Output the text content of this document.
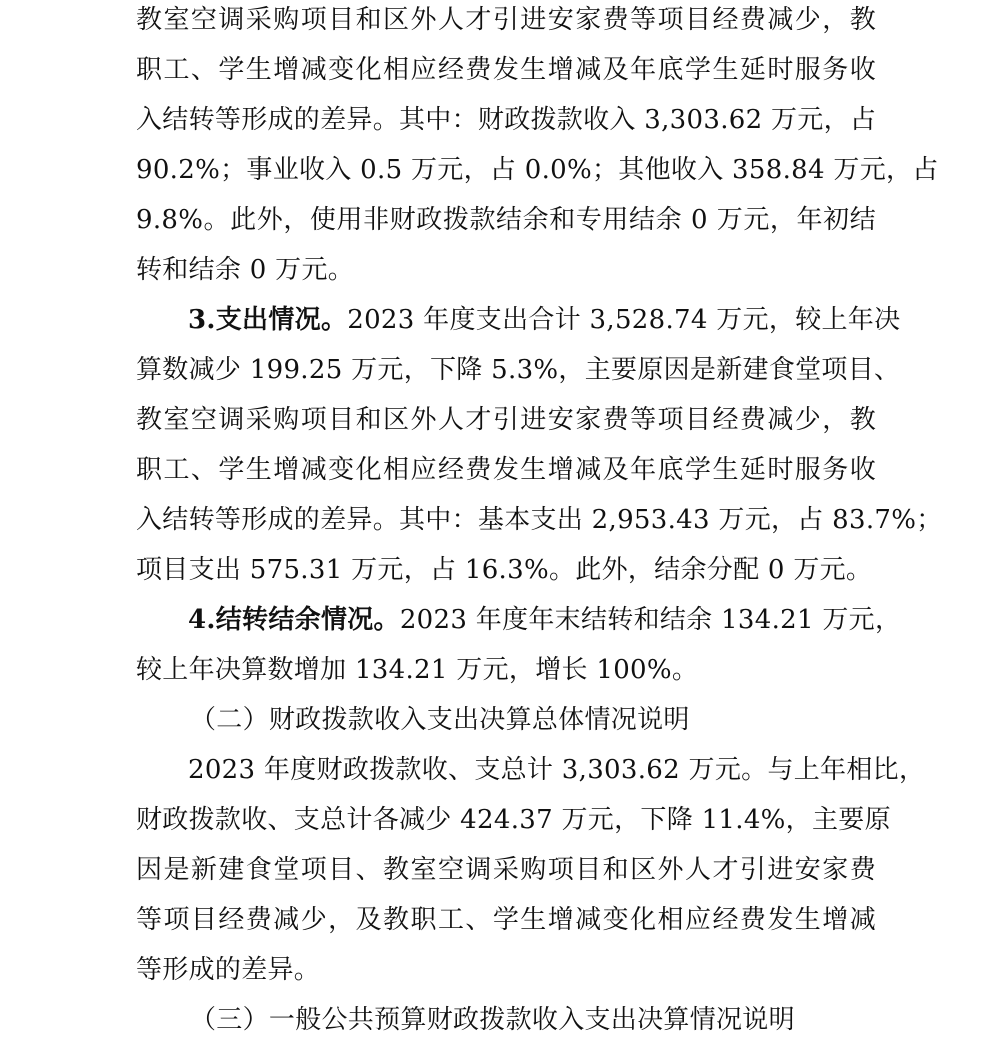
教室空调采购项目和区外人才引进安家费等项目经费减少，教
职工、学生增减变化相应经费发生增减及年底学生延时服务收
入结转等形成的差异。其中：财政拨款收入 3,303.62 万元，占
90.2%；事业收入 0.5 万元，占 0.0%；其他收入 358.84 万元，占
9.8%。此外，使用非财政拨款结余和专用结余 0 万元，年初结
转和结余 0 万元。
3.支出情况。2023 年度支出合计 3,528.74 万元，较上年决
算数减少 199.25 万元，下降 5.3%，主要原因是新建食堂项目、
教室空调采购项目和区外人才引进安家费等项目经费减少，教
职工、学生增减变化相应经费发生增减及年底学生延时服务收
入结转等形成的差异。其中：基本支出 2,953.43 万元，占 83.7%；
项目支出 575.31 万元，占 16.3%。此外，结余分配 0 万元。
4.结转结余情况。2023 年度年末结转和结余 134.21 万元，
较上年决算数增加 134.21 万元，增长 100%。
（二）财政拨款收入支出决算总体情况说明
2023 年度财政拨款收、支总计 3,303.62 万元。与上年相比，
财政拨款收、支总计各减少 424.37 万元，下降 11.4%，主要原
因是新建食堂项目、教室空调采购项目和区外人才引进安家费
等项目经费减少，及教职工、学生增减变化相应经费发生增减
等形成的差异。
（三）一般公共预算财政拨款收入支出决算情况说明
